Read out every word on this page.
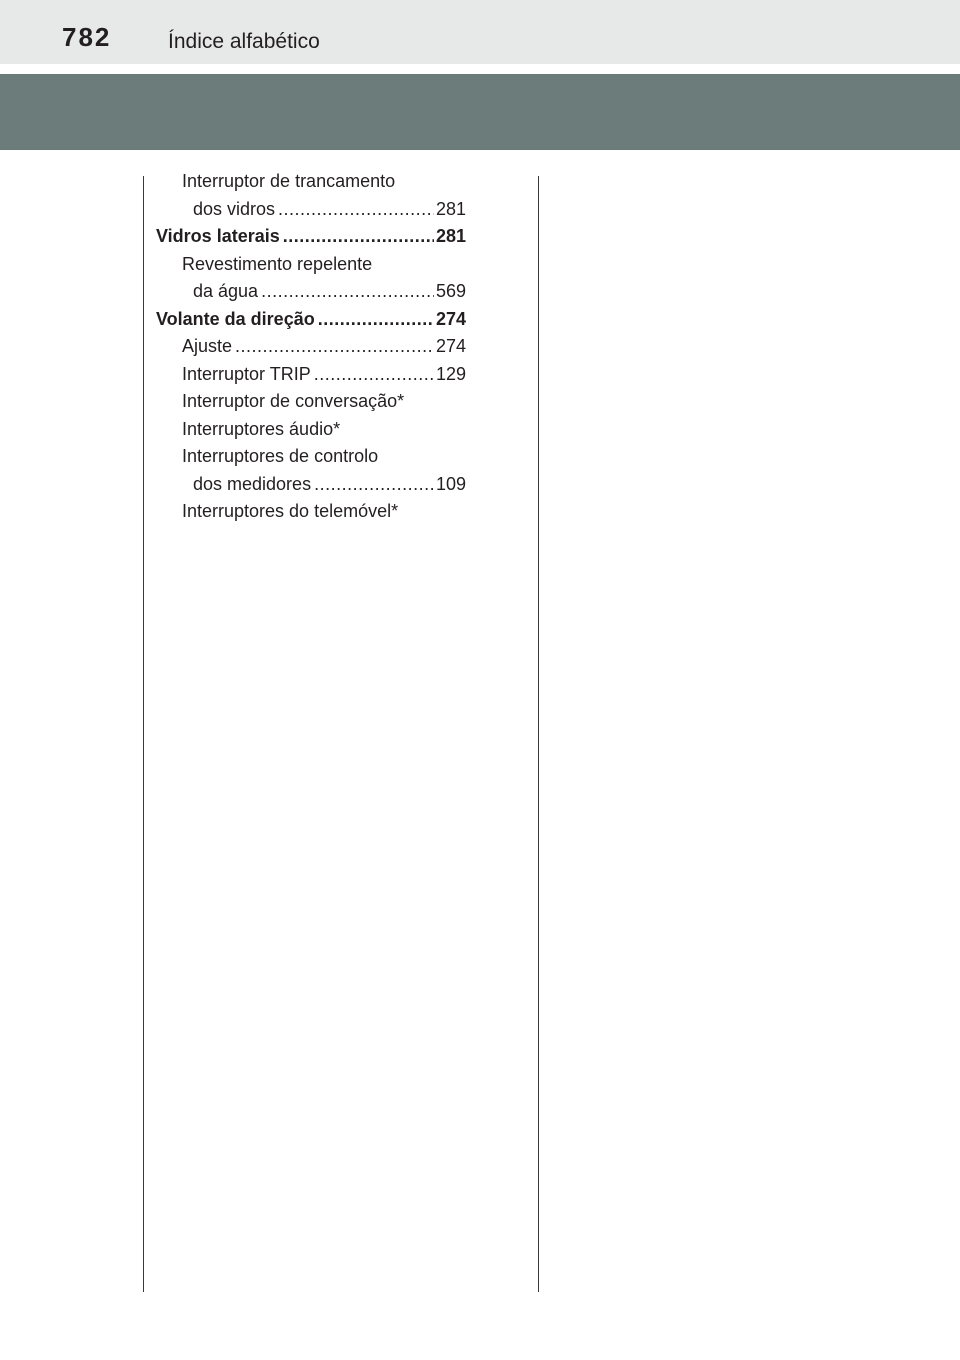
782	Índice alfabético
Interruptor de trancamento
dos vidros .....	281
Vidros laterais .....	281
Revestimento repelente
da água .....	569
Volante da direção .....	274
Ajuste .....	274
Interruptor TRIP .....	129
Interruptor de conversação*
Interruptores áudio*
Interruptores de controlo
dos medidores .....	109
Interruptores do telemóvel*
